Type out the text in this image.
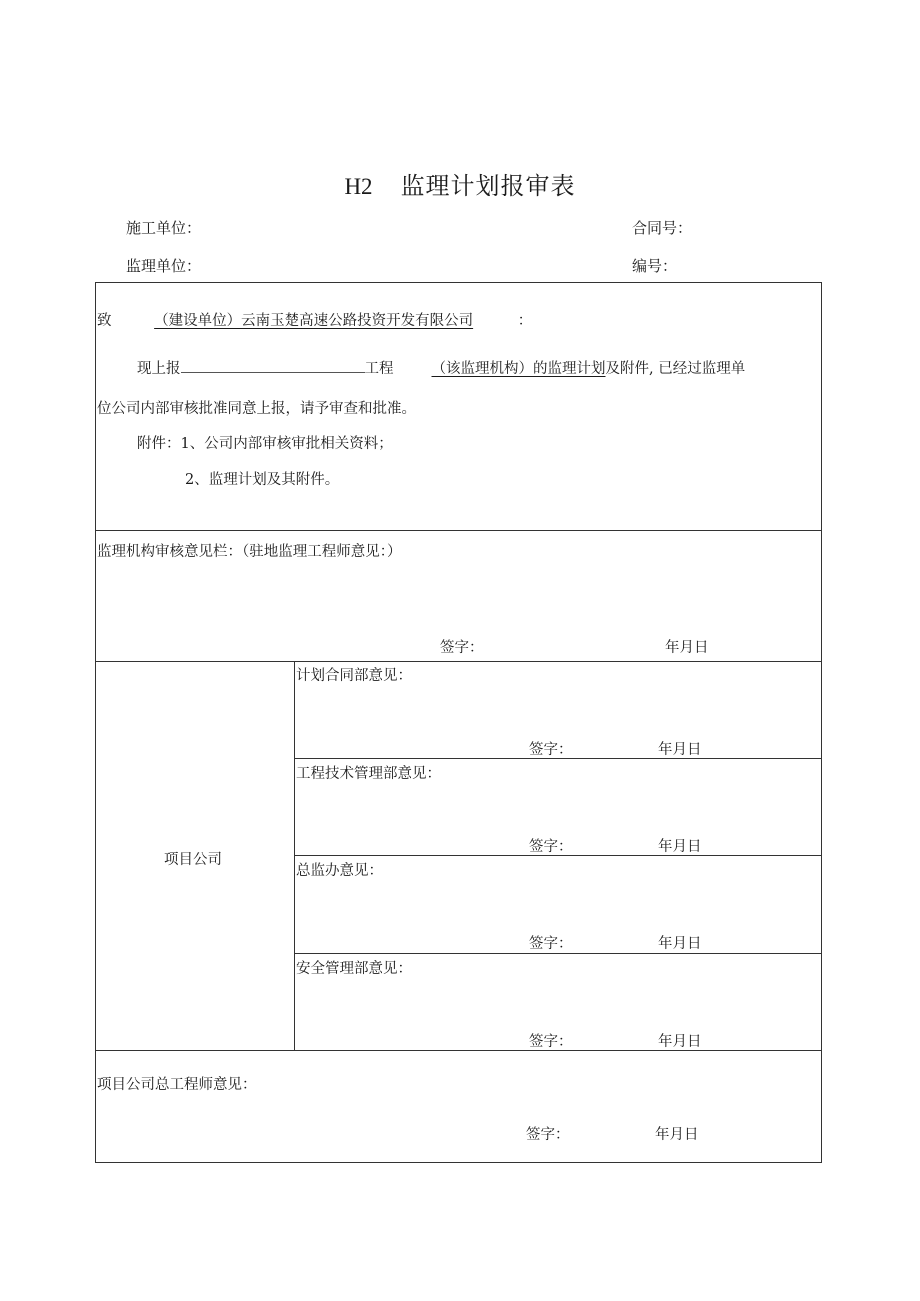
H2 监理计划报审表
施工单位：	合同号：
监理单位：	编号：
致	（建设单位）云南玉楚高速公路投资开发有限公司	：
现上报	工程	（该监理机构）的监理计划及附件, 已经过监理单
位公司内部审核批准同意上报，请予审查和批准。
附件：1、公司内部审核审批相关资料；
2、监理计划及其附件。
监理机构审核意见栏：（驻地监理工程师意见：）
签字：	年月日
项目公司
计划合同部意见：
签字：	年月日
工程技术管理部意见：
签字：	年月日
总监办意见：
签字：	年月日
安全管理部意见：
签字：	年月日
项目公司总工程师意见：
签字：	年月日
